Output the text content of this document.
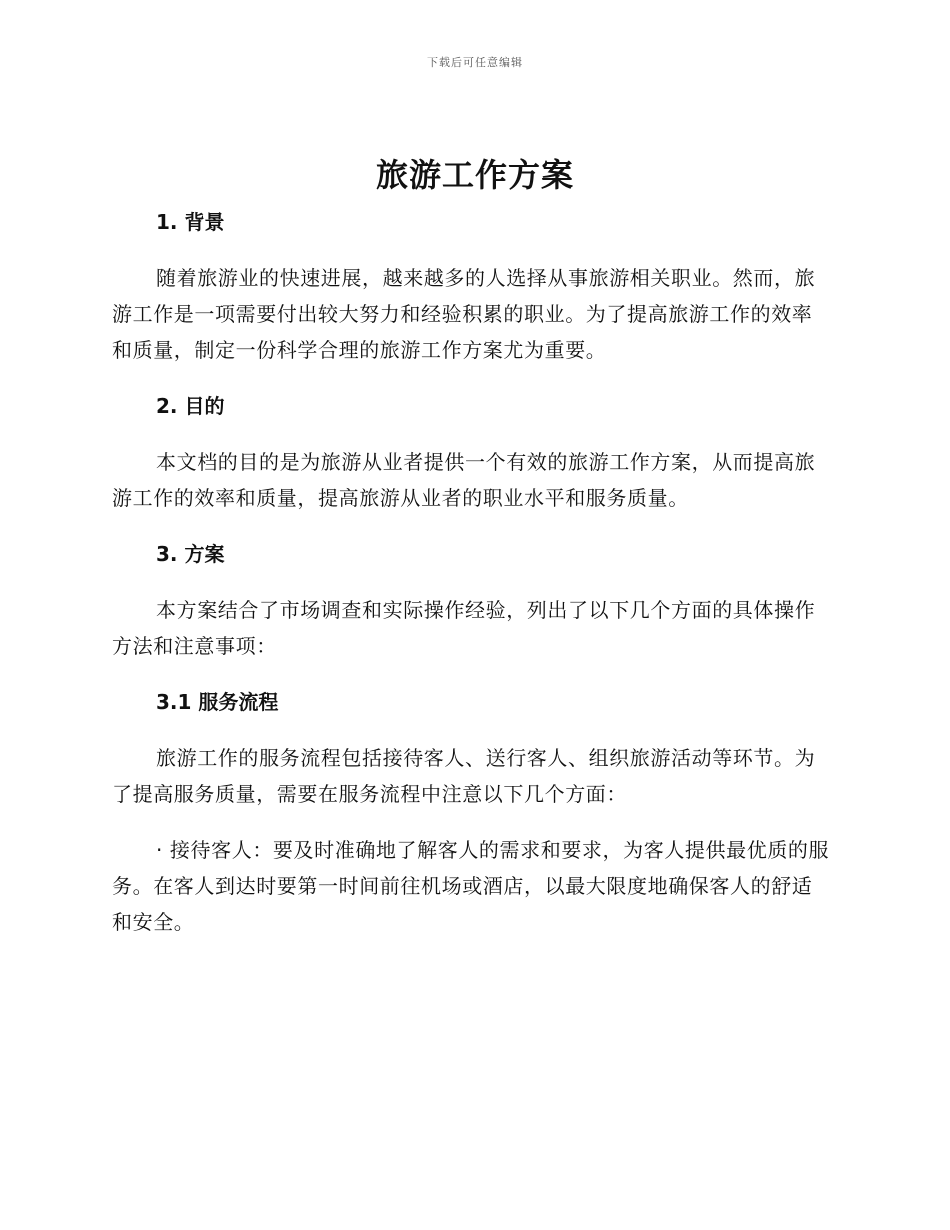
下载后可任意编辑
旅游工作方案
1. 背景

随着旅游业的快速进展，越来越多的人选择从事旅游相关职业。然而，旅游工作是一项需要付出较大努力和经验积累的职业。为了提高旅游工作的效率和质量，制定一份科学合理的旅游工作方案尤为重要。

2. 目的

本文档的目的是为旅游从业者提供一个有效的旅游工作方案，从而提高旅游工作的效率和质量，提高旅游从业者的职业水平和服务质量。

3. 方案

本方案结合了市场调查和实际操作经验，列出了以下几个方面的具体操作方法和注意事项：

3.1 服务流程

旅游工作的服务流程包括接待客人、送行客人、组织旅游活动等环节。为了提高服务质量，需要在服务流程中注意以下几个方面：

· 接待客人：要及时准确地了解客人的需求和要求，为客人提供最优质的服务。在客人到达时要第一时间前往机场或酒店，以最大限度地确保客人的舒适和安全。
